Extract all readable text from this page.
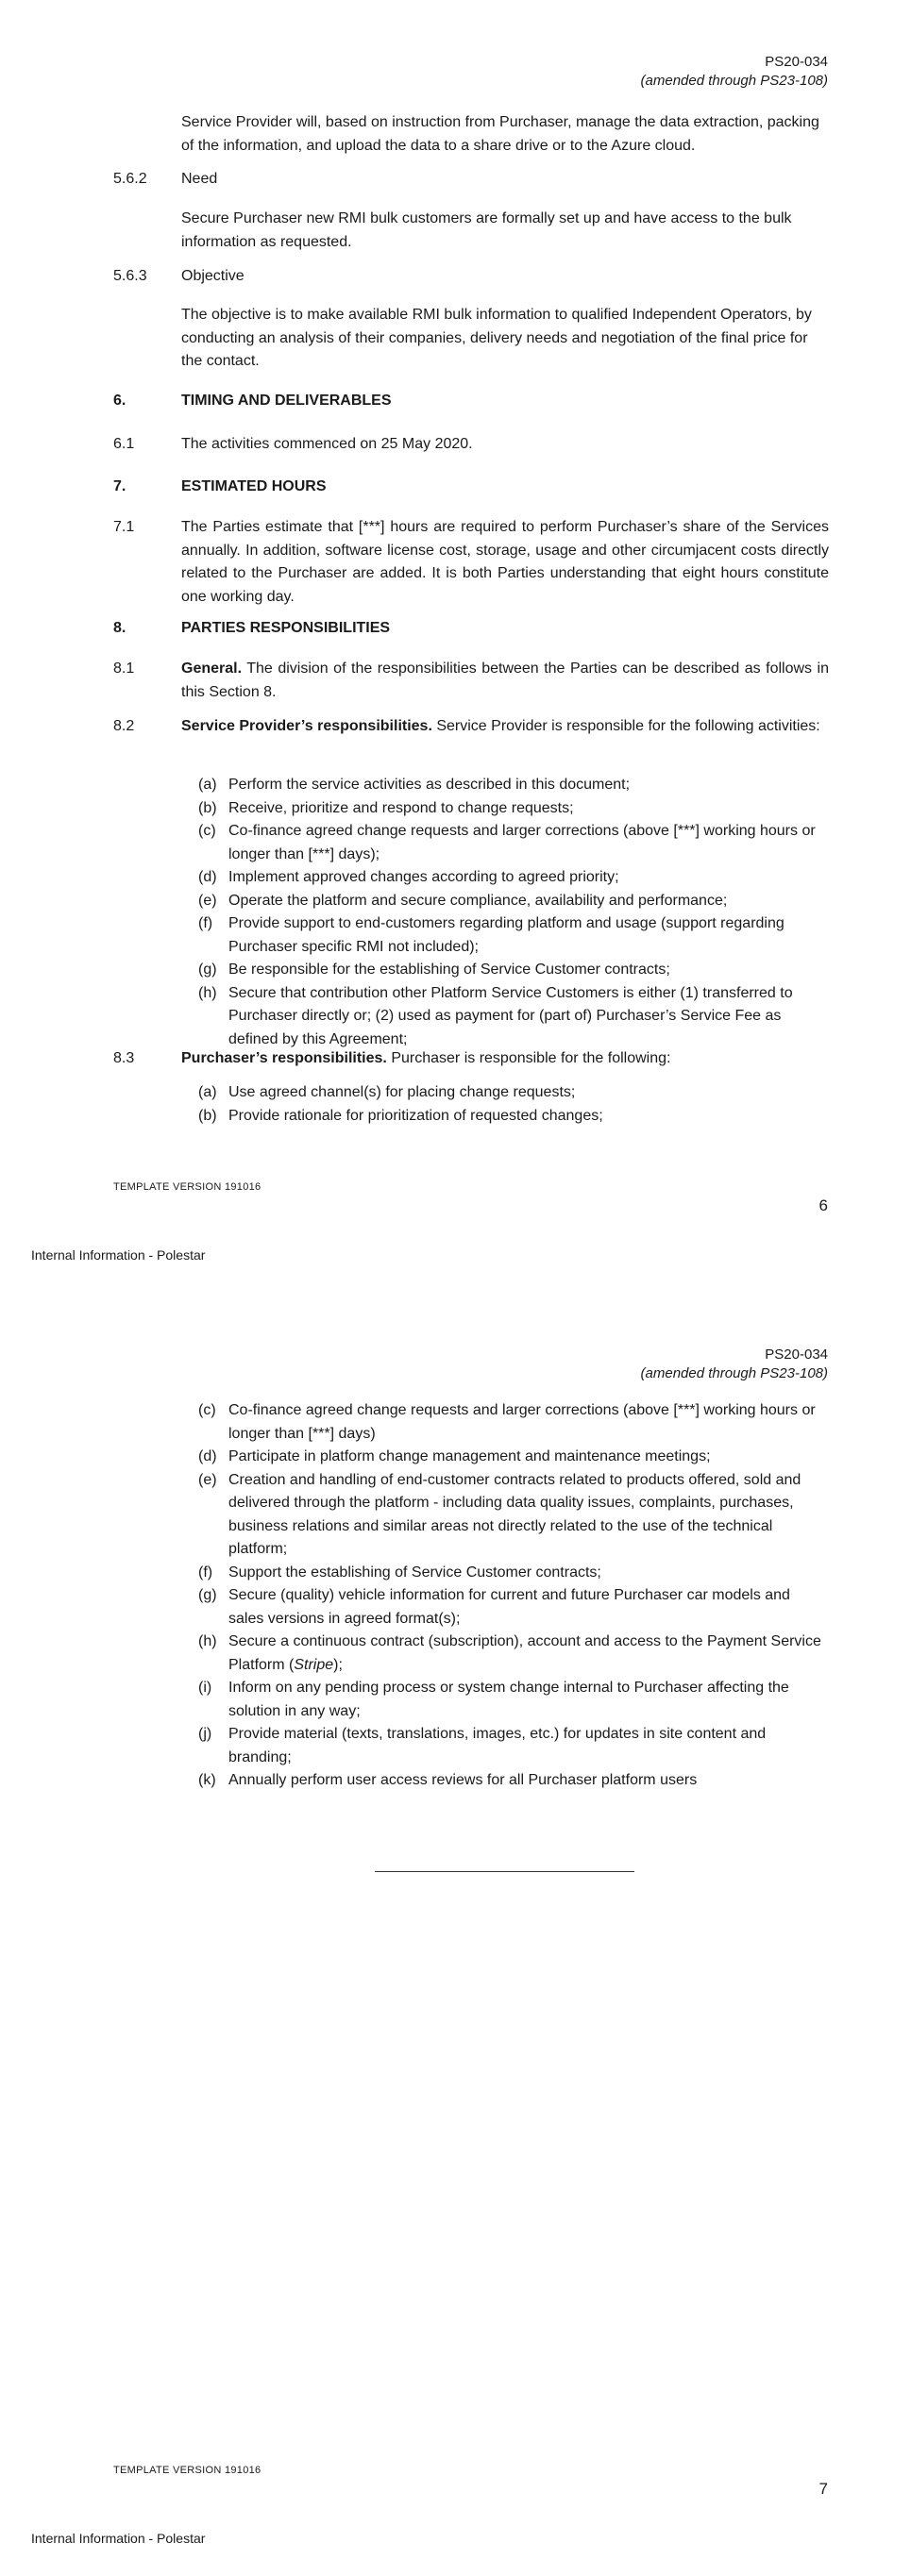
PS20-034
(amended through PS23-108)

Service Provider will, based on instruction from Purchaser, manage the data extraction, packing of the information, and upload the data to a share drive or to the Azure cloud.

5.6.2 Need

Secure Purchaser new RMI bulk customers are formally set up and have access to the bulk information as requested.

5.6.3 Objective

The objective is to make available RMI bulk information to qualified Independent Operators, by conducting an analysis of their companies, delivery needs and negotiation of the final price for the contact.

6.	TIMING AND DELIVERABLES

6.1	The activities commenced on 25 May 2020.

7.	ESTIMATED HOURS

7.1	The Parties estimate that [***] hours are required to perform Purchaser’s share of the Services annually. In addition, software license cost, storage, usage and other circumjacent costs directly related to the Purchaser are added. It is both Parties understanding that eight hours constitute one working day.

8.	PARTIES RESPONSIBILITIES

8.1	General. The division of the responsibilities between the Parties can be described as follows in this Section 8.

8.2	Service Provider’s responsibilities. Service Provider is responsible for the following activities:

(a) Perform the service activities as described in this document;
(b) Receive, prioritize and respond to change requests;
(c) Co-finance agreed change requests and larger corrections (above [***] working hours or longer than [***] days);
(d) Implement approved changes according to agreed priority;
(e) Operate the platform and secure compliance, availability and performance;
(f) Provide support to end-customers regarding platform and usage (support regarding Purchaser specific RMI not included);
(g) Be responsible for the establishing of Service Customer contracts;
(h) Secure that contribution other Platform Service Customers is either (1) transferred to Purchaser directly or; (2) used as payment for (part of) Purchaser’s Service Fee as defined by this Agreement;
8.3	Purchaser’s responsibilities. Purchaser is responsible for the following:

(a) Use agreed channel(s) for placing change requests;
(b) Provide rationale for prioritization of requested changes;
TEMPLATE VERSION 191016
6
Internal Information - Polestar
PS20-034
(amended through PS23-108)
(c) Co-finance agreed change requests and larger corrections (above [***] working hours or longer than [***] days)
(d) Participate in platform change management and maintenance meetings;
(e) Creation and handling of end-customer contracts related to products offered, sold and delivered through the platform - including data quality issues, complaints, purchases, business relations and similar areas not directly related to the use of the technical platform;
(f) Support the establishing of Service Customer contracts;
(g) Secure (quality) vehicle information for current and future Purchaser car models and sales versions in agreed format(s);
(h) Secure a continuous contract (subscription), account and access to the Payment Service Platform (Stripe);
(i) Inform on any pending process or system change internal to Purchaser affecting the solution in any way;
(j) Provide material (texts, translations, images, etc.) for updates in site content and branding;
(k) Annually perform user access reviews for all Purchaser platform users
TEMPLATE VERSION 191016
7
Internal Information - Polestar
